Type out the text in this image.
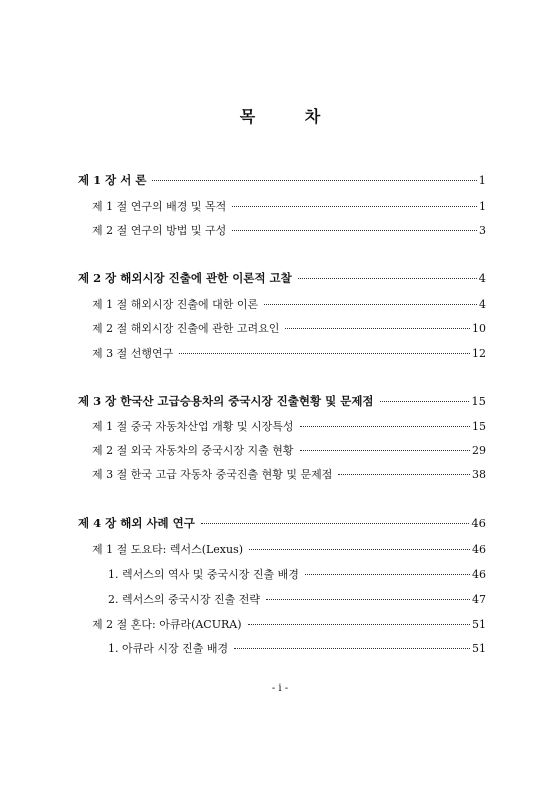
목 차
제 1 장 서 론	1
제 1 절 연구의 배경 및 목적	1
제 2 절 연구의 방법 및 구성	3
제 2 장 해외시장 진출에 관한 이론적 고찰	4
제 1 절 해외시장 진출에 대한 이론	4
제 2 절 해외시장 진출에 관한 고려요인	10
제 3 절 선행연구	12
제 3 장 한국산 고급승용차의 중국시장 진출현황 및 문제점	15
제 1 절 중국 자동차산업 개황 및 시장특성	15
제 2 절 외국 자동차의 중국시장 지출 현황	29
제 3 절 한국 고급 자동차 중국진출 현황 및 문제점	38
제 4 장 해외 사례 연구	46
제 1 절 도요타: 렉서스(Lexus)	46
1. 렉서스의 역사 및 중국시장 진출 배경	46
2. 렉서스의 중국시장 진출 전략	47
제 2 절 혼다: 아큐라(ACURA)	51
1. 아큐라 시장 진출 배경	51
- i -
